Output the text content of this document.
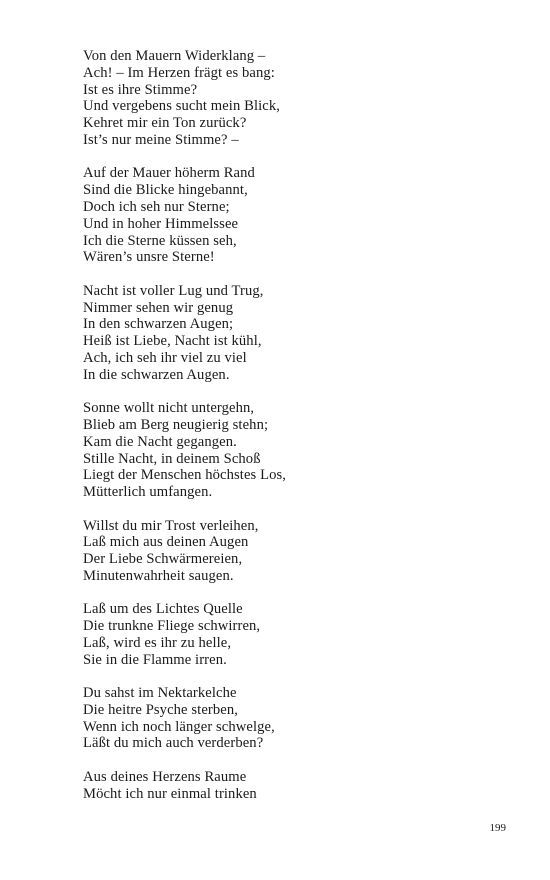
Von den Mauern Widerklang –
Ach! – Im Herzen frägt es bang:
Ist es ihre Stimme?
Und vergebens sucht mein Blick,
Kehret mir ein Ton zurück?
Ist’s nur meine Stimme? –
Auf der Mauer höherm Rand
Sind die Blicke hingebannt,
Doch ich seh nur Sterne;
Und in hoher Himmelssee
Ich die Sterne küssen seh,
Wären’s unsre Sterne!
Nacht ist voller Lug und Trug,
Nimmer sehen wir genug
In den schwarzen Augen;
Heiß ist Liebe, Nacht ist kühl,
Ach, ich seh ihr viel zu viel
In die schwarzen Augen.
Sonne wollt nicht untergehn,
Blieb am Berg neugierig stehn;
Kam die Nacht gegangen.
Stille Nacht, in deinem Schoß
Liegt der Menschen höchstes Los,
Mütterlich umfangen.
Willst du mir Trost verleihen,
Laß mich aus deinen Augen
Der Liebe Schwärmereien,
Minutenwahrheit saugen.
Laß um des Lichtes Quelle
Die trunkne Fliege schwirren,
Laß, wird es ihr zu helle,
Sie in die Flamme irren.
Du sahst im Nektarkelche
Die heitre Psyche sterben,
Wenn ich noch länger schwelge,
Läßt du mich auch verderben?
Aus deines Herzens Raume
Möcht ich nur einmal trinken
199
